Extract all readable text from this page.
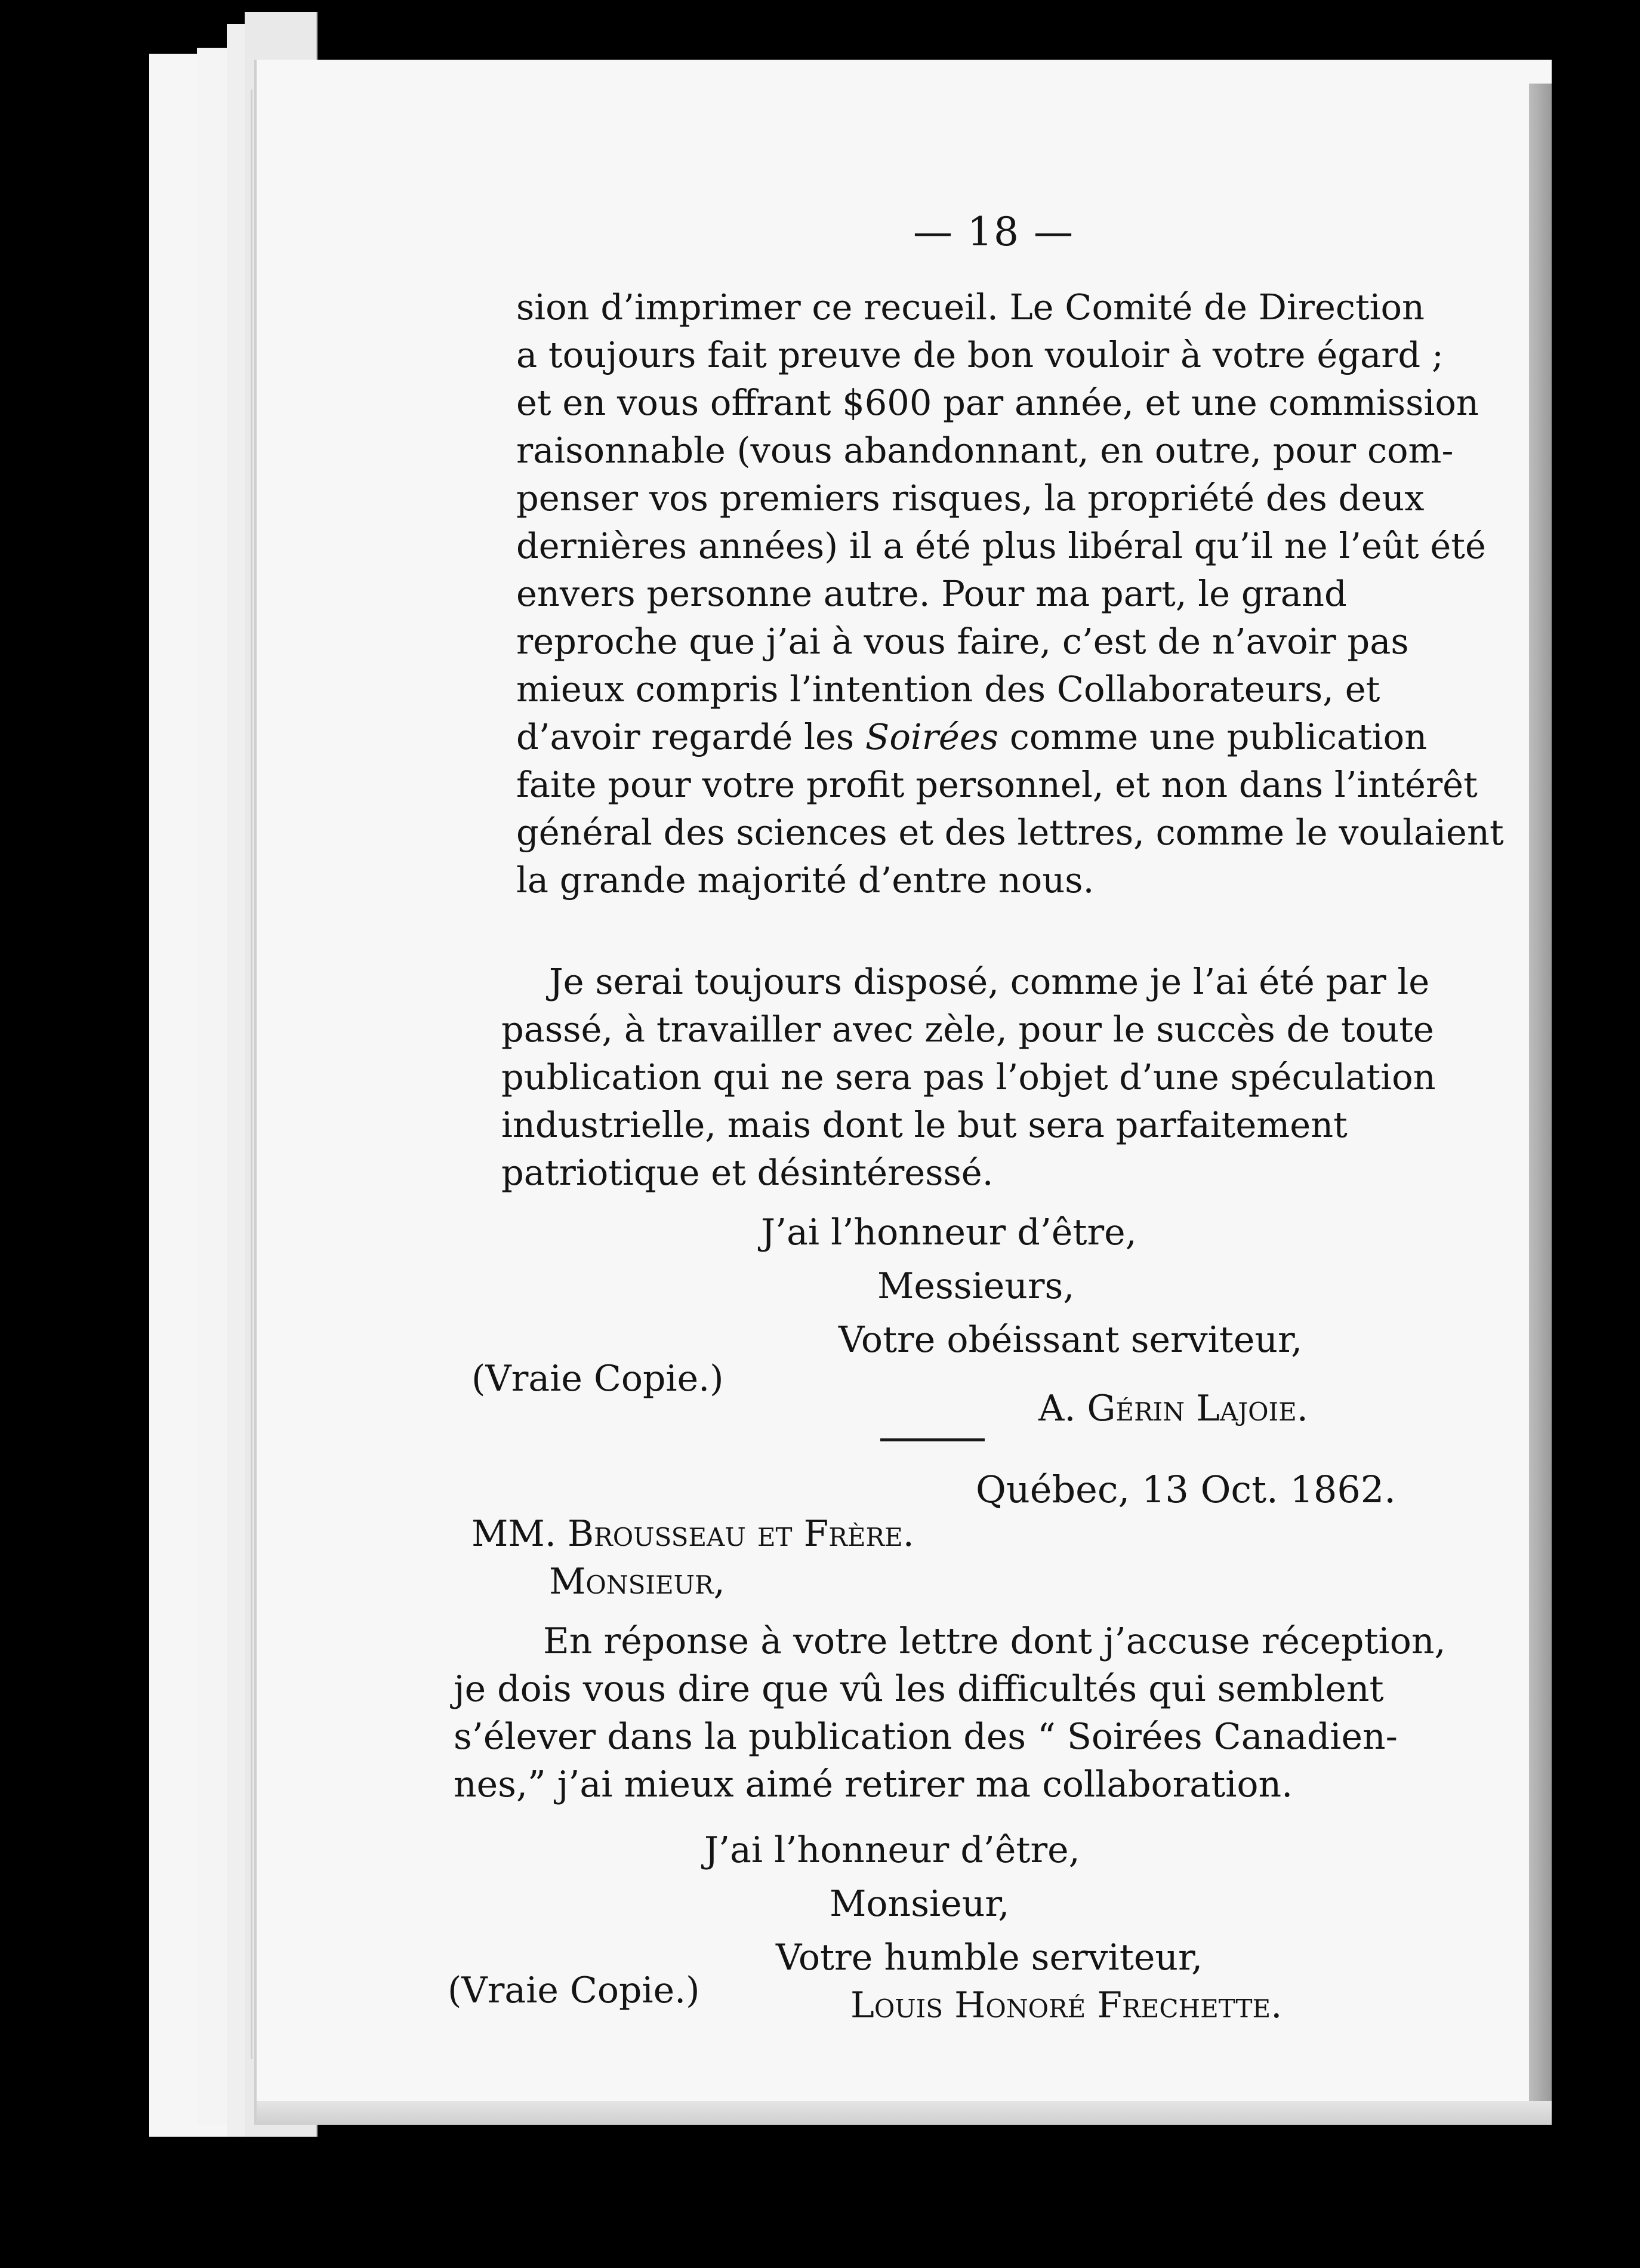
— 18 —
sion d’imprimer ce recueil. Le Comité de Direction
a toujours fait preuve de bon vouloir à votre égard ;
et en vous offrant $600 par année, et une commission
raisonnable (vous abandonnant, en outre, pour com-
penser vos premiers risques, la propriété des deux
dernières années) il a été plus libéral qu’il ne l’eût été
envers personne autre. Pour ma part, le grand
reproche que j’ai à vous faire, c’est de n’avoir pas
mieux compris l’intention des Collaborateurs, et
d’avoir regardé les Soirées comme une publication
faite pour votre profit personnel, et non dans l’intérêt
général des sciences et des lettres, comme le voulaient
la grande majorité d’entre nous.
Je serai toujours disposé, comme je l’ai été par le
passé, à travailler avec zèle, pour le succès de toute
publication qui ne sera pas l’objet d’une spéculation
industrielle, mais dont le but sera parfaitement
patriotique et désintéressé.
J’ai l’honneur d’être,
Messieurs,
Votre obéissant serviteur,
(Vraie Copie.)
A. Gérin Lajoie.
Québec, 13 Oct. 1862.
MM. Brousseau et Frère.
Monsieur,
En réponse à votre lettre dont j’accuse réception,
je dois vous dire que vû les difficultés qui semblent
s’élever dans la publication des “ Soirées Canadien-
nes,” j’ai mieux aimé retirer ma collaboration.
J’ai l’honneur d’être,
Monsieur,
Votre humble serviteur,
(Vraie Copie.)	Louis Honoré Frechette.
